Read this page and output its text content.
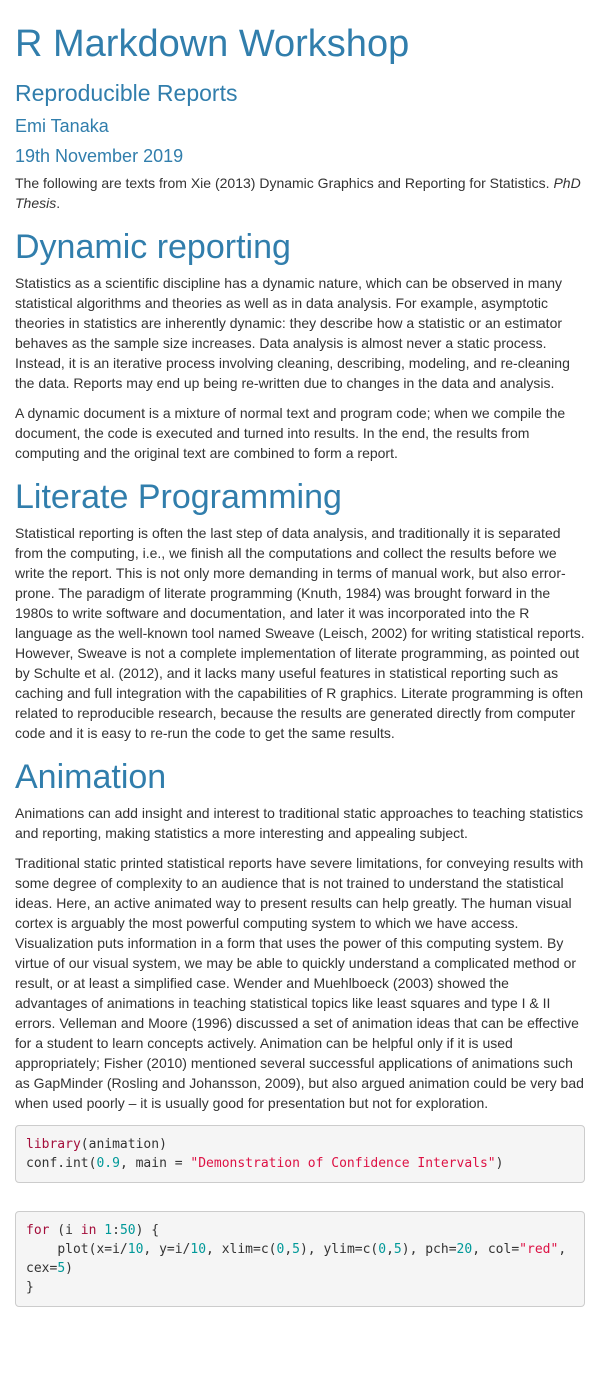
R Markdown Workshop
Reproducible Reports
Emi Tanaka
19th November 2019

The following are texts from Xie (2013) Dynamic Graphics and Reporting for Statistics. PhD Thesis.

Dynamic reporting

Statistics as a scientific discipline has a dynamic nature, which can be observed in many statistical algorithms and theories as well as in data analysis. For example, asymptotic theories in statistics are inherently dynamic: they describe how a statistic or an estimator behaves as the sample size increases. Data analysis is almost never a static process. Instead, it is an iterative process involving cleaning, describing, modeling, and re-cleaning the data. Reports may end up being re-written due to changes in the data and analysis.

A dynamic document is a mixture of normal text and program code; when we compile the document, the code is executed and turned into results. In the end, the results from computing and the original text are combined to form a report.

Literate Programming

Statistical reporting is often the last step of data analysis, and traditionally it is separated from the computing, i.e., we finish all the computations and collect the results before we write the report. This is not only more demanding in terms of manual work, but also error-prone. The paradigm of literate programming (Knuth, 1984) was brought forward in the 1980s to write software and documentation, and later it was incorporated into the R language as the well-known tool named Sweave (Leisch, 2002) for writing statistical reports. However, Sweave is not a complete implementation of literate programming, as pointed out by Schulte et al. (2012), and it lacks many useful features in statistical reporting such as caching and full integration with the capabilities of R graphics. Literate programming is often related to reproducible research, because the results are generated directly from computer code and it is easy to re-run the code to get the same results.

Animation

Animations can add insight and interest to traditional static approaches to teaching statistics and reporting, making statistics a more interesting and appealing subject.

Traditional static printed statistical reports have severe limitations, for conveying results with some degree of complexity to an audience that is not trained to understand the statistical ideas. Here, an active animated way to present results can help greatly. The human visual cortex is arguably the most powerful computing system to which we have access. Visualization puts information in a form that uses the power of this computing system. By virtue of our visual system, we may be able to quickly understand a complicated method or result, or at least a simplified case. Wender and Muehlboeck (2003) showed the advantages of animations in teaching statistical topics like least squares and type I & II errors. Velleman and Moore (1996) discussed a set of animation ideas that can be effective for a student to learn concepts actively. Animation can be helpful only if it is used appropriately; Fisher (2010) mentioned several successful applications of animations such as GapMinder (Rosling and Johansson, 2009), but also argued animation could be very bad when used poorly – it is usually good for presentation but not for exploration.

library(animation)
conf.int(0.9, main = "Demonstration of Confidence Intervals")
for (i in 1:50) {
plot(x=i/10, y=i/10, xlim=c(0,5), ylim=c(0,5), pch=20, col="red",
cex=5)
}
